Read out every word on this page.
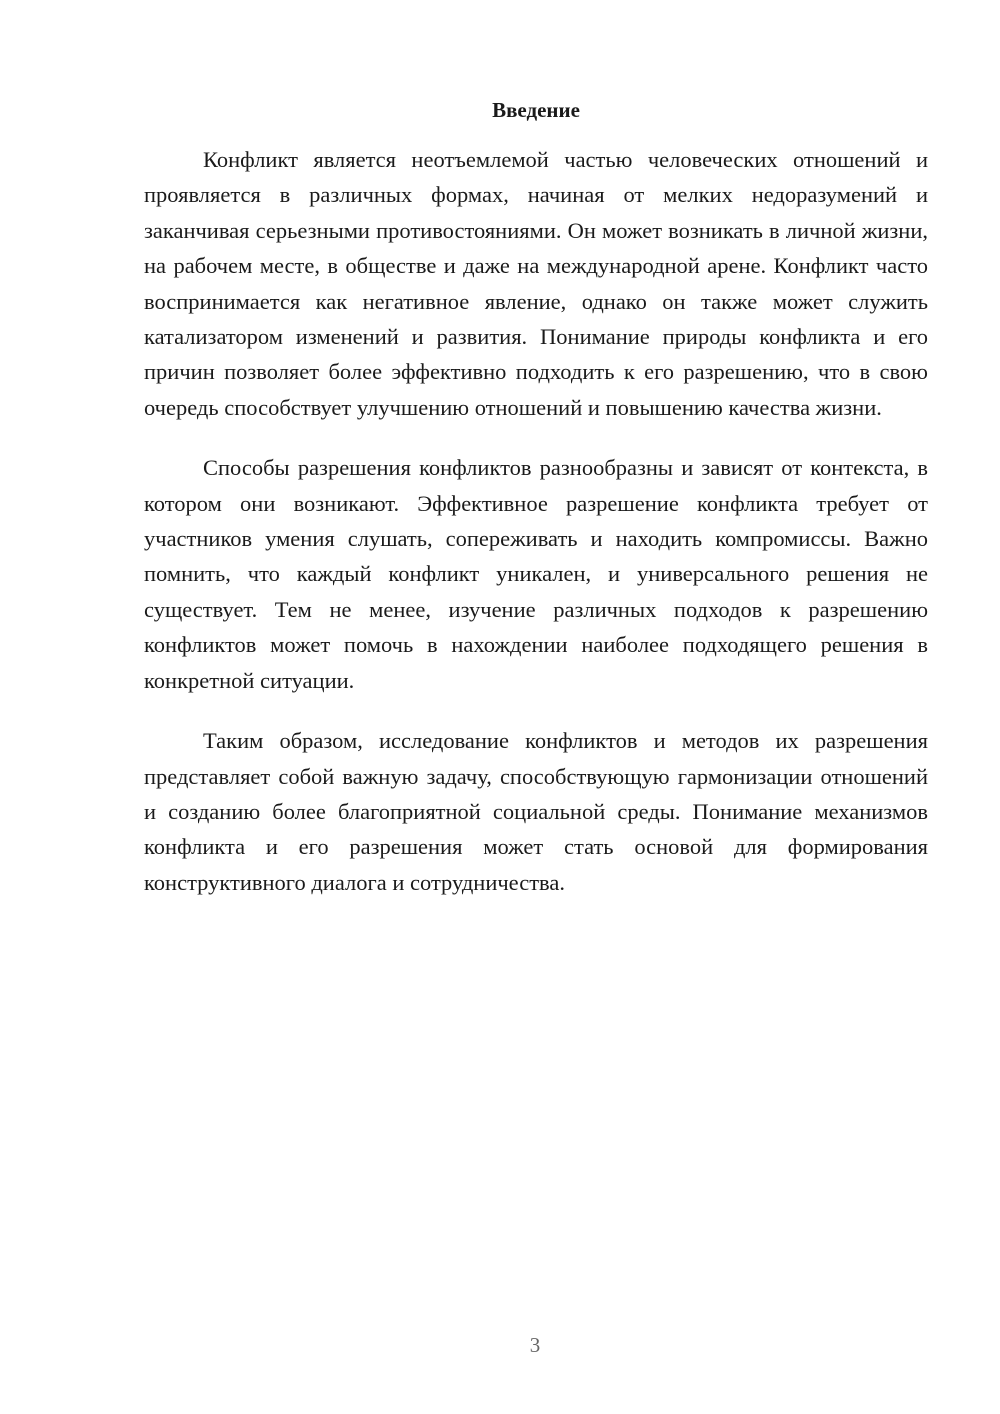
Введение

Конфликт является неотъемлемой частью человеческих отношений и проявляется в различных формах, начиная от мелких недоразумений и заканчивая серьезными противостояниями. Он может возникать в личной жизни, на рабочем месте, в обществе и даже на международной арене. Конфликт часто воспринимается как негативное явление, однако он также может служить катализатором изменений и развития. Понимание природы конфликта и его причин позволяет более эффективно подходить к его разрешению, что в свою очередь способствует улучшению отношений и повышению качества жизни.

Способы разрешения конфликтов разнообразны и зависят от контекста, в котором они возникают. Эффективное разрешение конфликта требует от участников умения слушать, сопереживать и находить компромиссы. Важно помнить, что каждый конфликт уникален, и универсального решения не существует. Тем не менее, изучение различных подходов к разрешению конфликтов может помочь в нахождении наиболее подходящего решения в конкретной ситуации.

Таким образом, исследование конфликтов и методов их разрешения представляет собой важную задачу, способствующую гармонизации отношений и созданию более благоприятной социальной среды. Понимание механизмов конфликта и его разрешения может стать основой для формирования конструктивного диалога и сотрудничества.

3
